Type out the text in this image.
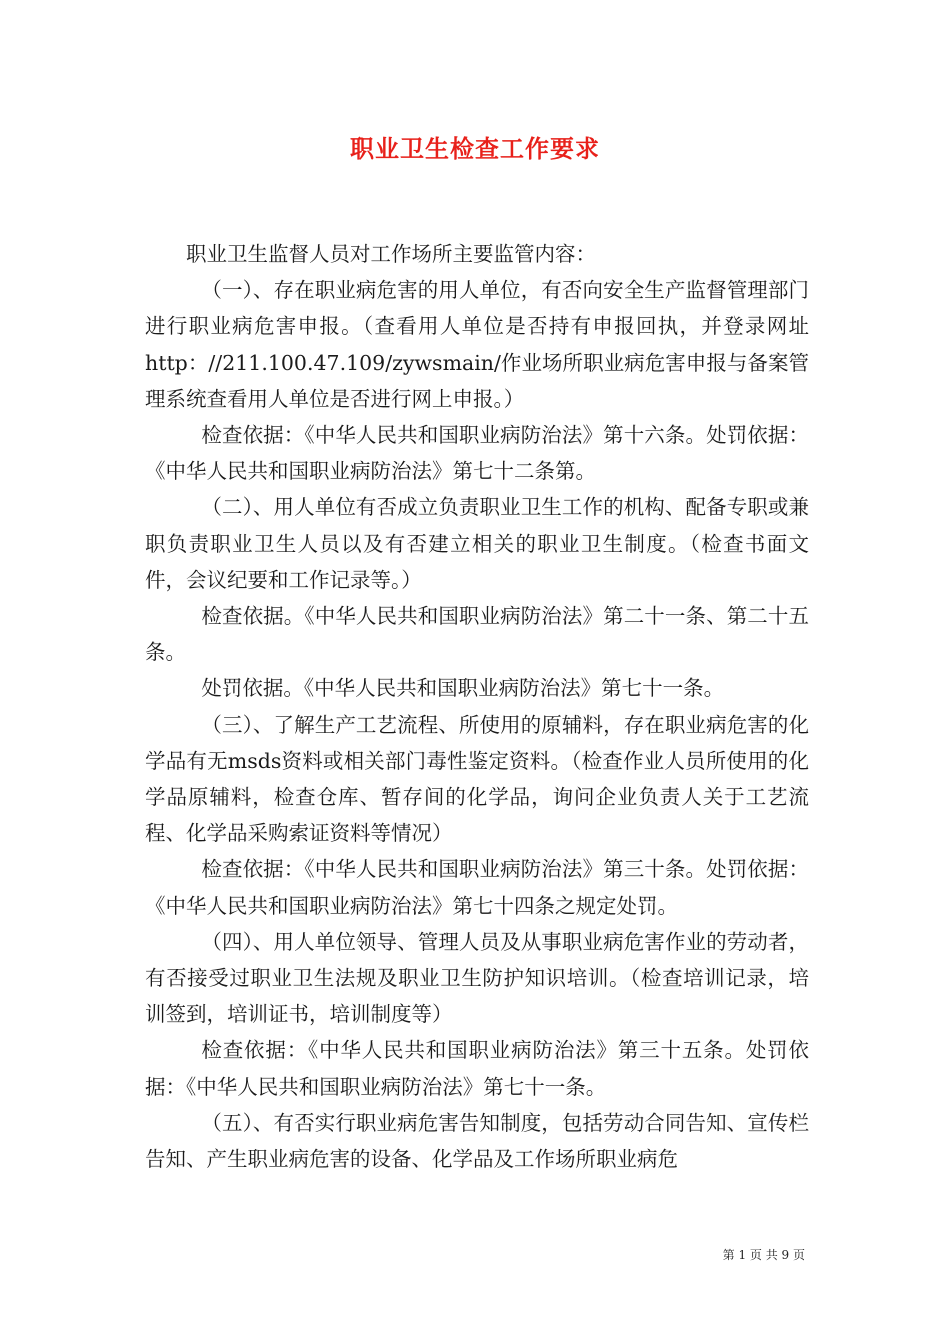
职业卫生检查工作要求

职业卫生监督人员对工作场所主要监管内容：

（一）、存在职业病危害的用人单位，有否向安全生产监督管理部门进行职业病危害申报。（查看用人单位是否持有申报回执，并登录网址http：//211.100.47.109/zywsmain/作业场所职业病危害申报与备案管理系统查看用人单位是否进行网上申报。）

检查依据：《中华人民共和国职业病防治法》第十六条。处罚依据：《中华人民共和国职业病防治法》第七十二条第。

（二）、用人单位有否成立负责职业卫生工作的机构、配备专职或兼职负责职业卫生人员以及有否建立相关的职业卫生制度。（检查书面文件，会议纪要和工作记录等。）

检查依据。《中华人民共和国职业病防治法》第二十一条、第二十五条。

处罚依据。《中华人民共和国职业病防治法》第七十一条。

（三）、了解生产工艺流程、所使用的原辅料，存在职业病危害的化学品有无msds资料或相关部门毒性鉴定资料。（检查作业人员所使用的化学品原辅料，检查仓库、暂存间的化学品，询问企业负责人关于工艺流程、化学品采购索证资料等情况）

检查依据：《中华人民共和国职业病防治法》第三十条。处罚依据：《中华人民共和国职业病防治法》第七十四条之规定处罚。

（四）、用人单位领导、管理人员及从事职业病危害作业的劳动者，有否接受过职业卫生法规及职业卫生防护知识培训。（检查培训记录，培训签到，培训证书，培训制度等）

检查依据：《中华人民共和国职业病防治法》第三十五条。处罚依据：《中华人民共和国职业病防治法》第七十一条。

（五）、有否实行职业病危害告知制度，包括劳动合同告知、宣传栏告知、产生职业病危害的设备、化学品及工作场所职业病危

第 1 页 共 9 页
